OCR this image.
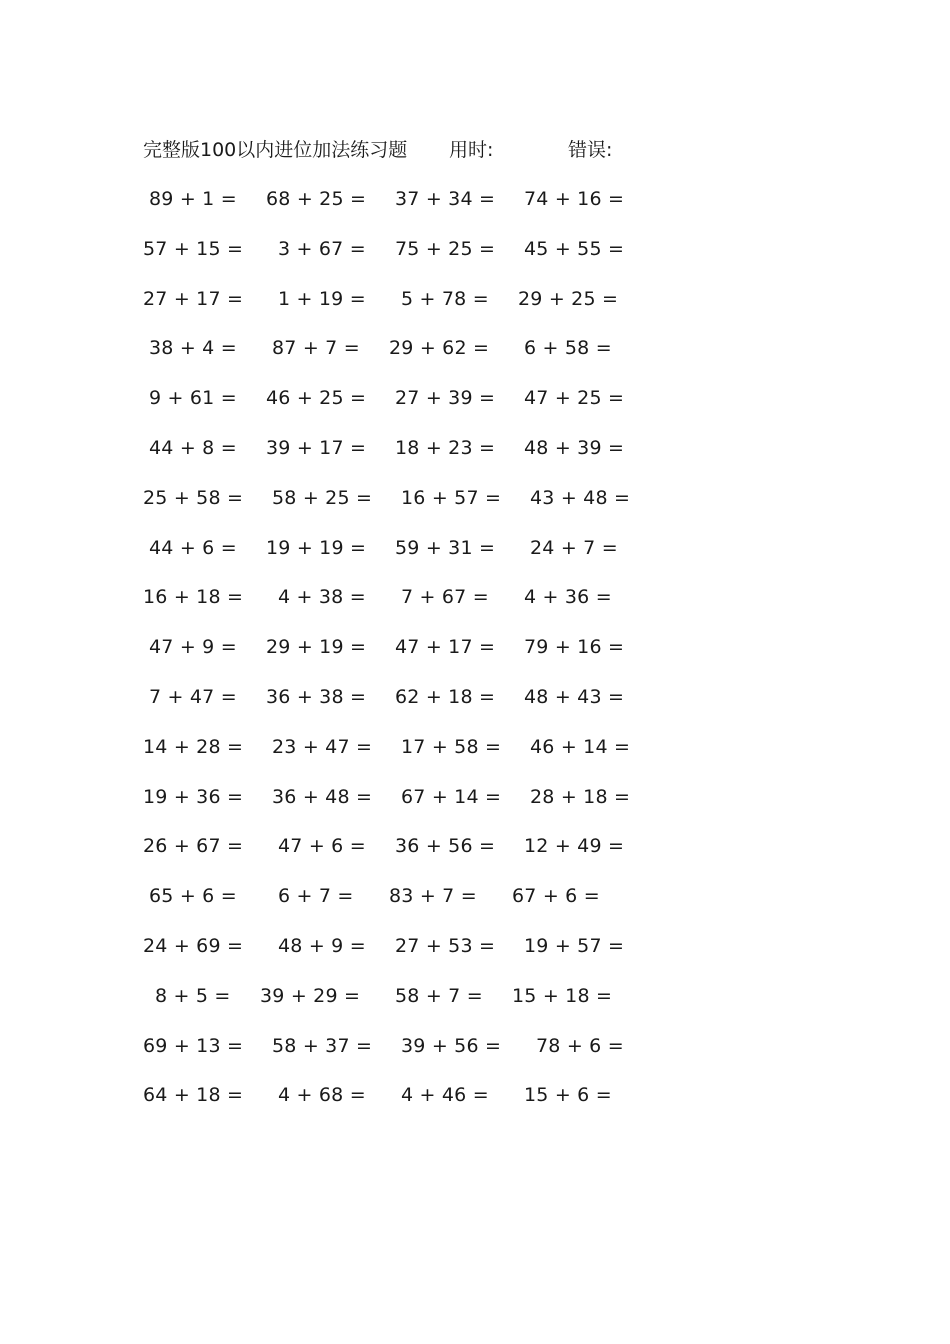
完整版100以内进位加法练习题 用时:	错误:
89 + 1 = 68 + 25 = 37 + 34 = 74 + 16 =
57 + 15 = 3 + 67 = 75 + 25 = 45 + 55 =
27 + 17 = 1 + 19 = 5 + 78 = 29 + 25 =
38 + 4 = 87 + 7 = 29 + 62 = 6 + 58 =
9 + 61 = 46 + 25 = 27 + 39 = 47 + 25 =
44 + 8 = 39 + 17 = 18 + 23 = 48 + 39 =
25 + 58 = 58 + 25 = 16 + 57 = 43 + 48 =
44 + 6 = 19 + 19 = 59 + 31 = 24 + 7 =
16 + 18 = 4 + 38 = 7 + 67 = 4 + 36 =
47 + 9 = 29 + 19 = 47 + 17 = 79 + 16 =
7 + 47 = 36 + 38 = 62 + 18 = 48 + 43 =
14 + 28 = 23 + 47 = 17 + 58 = 46 + 14 =
19 + 36 = 36 + 48 = 67 + 14 = 28 + 18 =
26 + 67 = 47 + 6 = 36 + 56 = 12 + 49 =
65 + 6 = 6 + 7 = 83 + 7 = 67 + 6 =
24 + 69 = 48 + 9 = 27 + 53 = 19 + 57 =
8 + 5 = 39 + 29 = 58 + 7 = 15 + 18 =
69 + 13 = 58 + 37 = 39 + 56 = 78 + 6 =
64 + 18 = 4 + 68 = 4 + 46 = 15 + 6 =
